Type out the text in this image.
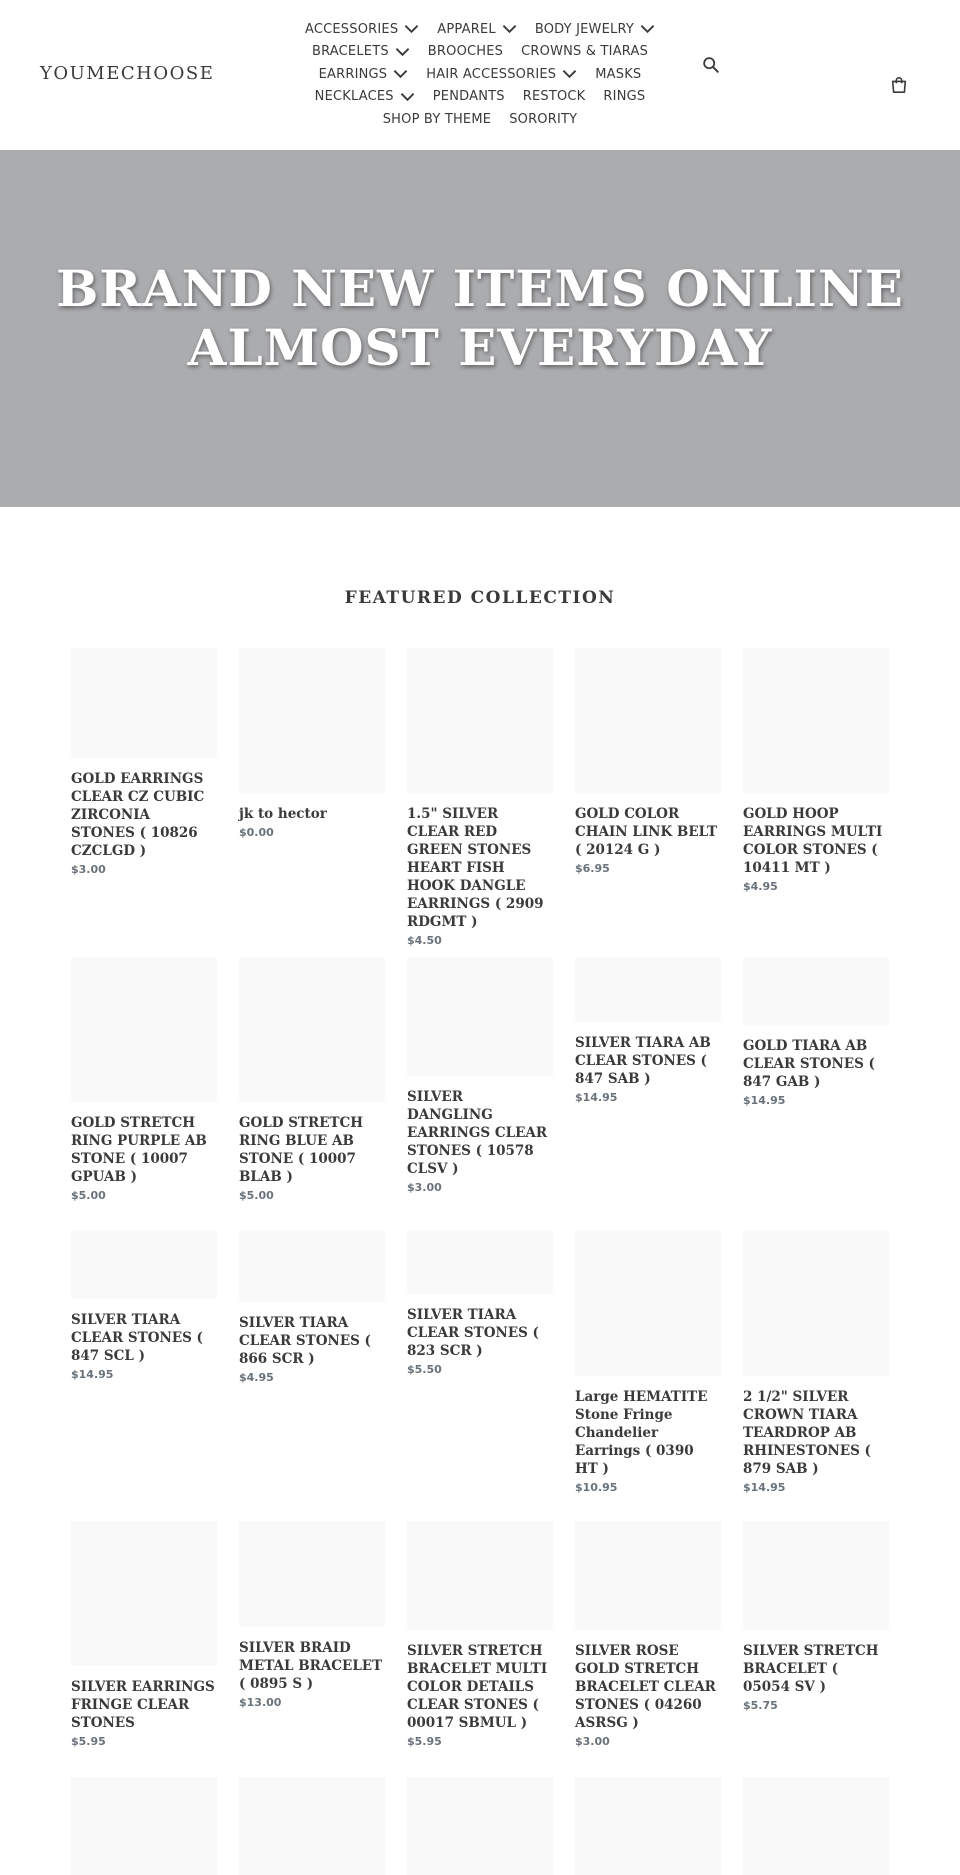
YOUMECHOOSE
ACCESSORIES	APPAREL	BODY JEWELRY
BRACELETS	BROOCHES CROWNS & TIARAS
EARRINGS	HAIR ACCESSORIES	MASKS
NECKLACES	PENDANTS RESTOCK RINGS
SHOP BY THEME SORORITY
BRAND NEW ITEMS ONLINE
ALMOST EVERYDAY
FEATURED COLLECTION
GOLD EARRINGS CLEAR CZ CUBIC ZIRCONIA STONES ( 10826 CZCLGD )
$3.00
jk to hector
$0.00
1.5" SILVER CLEAR RED GREEN STONES HEART FISH HOOK DANGLE EARRINGS ( 2909 RDGMT )
$4.50
GOLD COLOR CHAIN LINK BELT ( 20124 G )
$6.95
GOLD HOOP EARRINGS MULTI COLOR STONES ( 10411 MT )
$4.95
GOLD STRETCH RING PURPLE AB STONE ( 10007 GPUAB )
$5.00
GOLD STRETCH RING BLUE AB STONE ( 10007 BLAB )
$5.00
SILVER DANGLING EARRINGS CLEAR STONES ( 10578 CLSV )
$3.00
SILVER TIARA AB CLEAR STONES ( 847 SAB )
$14.95
GOLD TIARA AB CLEAR STONES ( 847 GAB )
$14.95
SILVER TIARA CLEAR STONES ( 847 SCL )
$14.95
SILVER TIARA CLEAR STONES ( 866 SCR )
$4.95
SILVER TIARA CLEAR STONES ( 823 SCR )
$5.50
Large HEMATITE Stone Fringe Chandelier Earrings ( 0390 HT )
$10.95
2 1/2" SILVER CROWN TIARA TEARDROP AB RHINESTONES ( 879 SAB )
$14.95
SILVER EARRINGS FRINGE CLEAR STONES
$5.95
SILVER BRAID METAL BRACELET ( 0895 S )
$13.00
SILVER STRETCH BRACELET MULTI COLOR DETAILS CLEAR STONES ( 00017 SBMUL )
$5.95
SILVER ROSE GOLD STRETCH BRACELET CLEAR STONES ( 04260 ASRSG )
$3.00
SILVER STRETCH BRACELET ( 05054 SV )
$5.75
